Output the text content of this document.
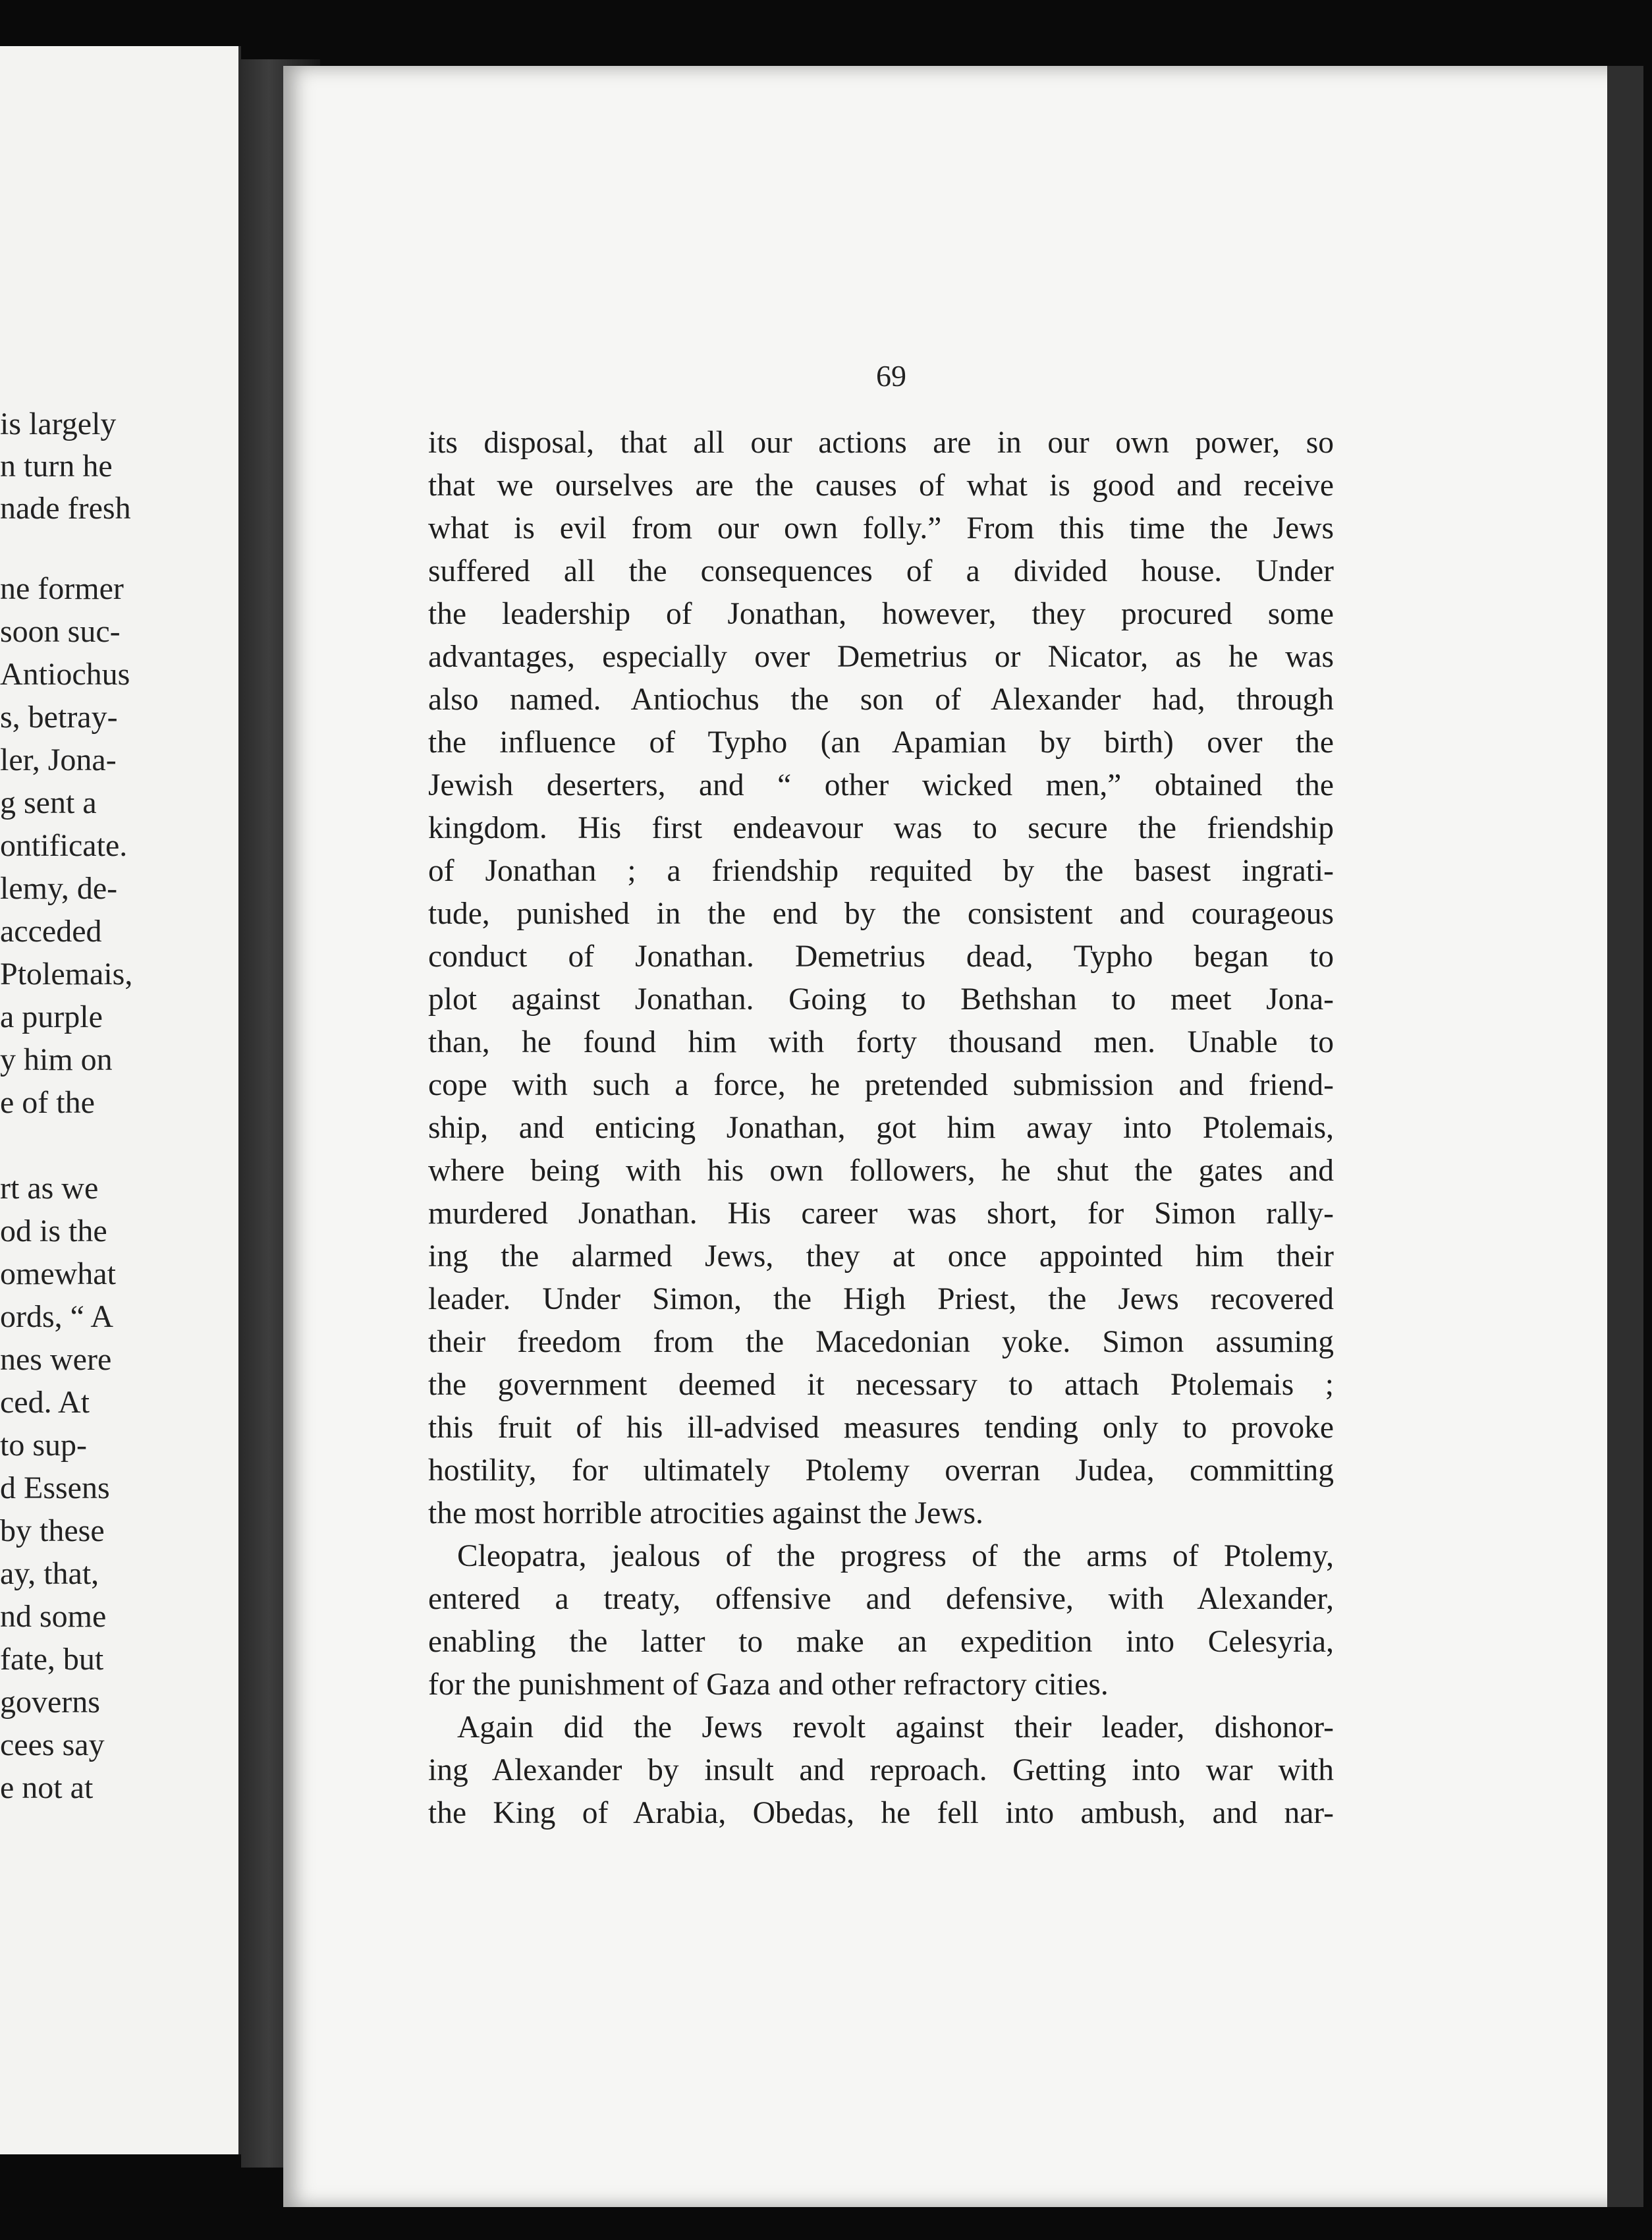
is largely
n turn he
nade fresh
ne former
soon suc-
Antiochus
s, betray-
ler, Jona-
g sent a
ontificate.
lemy, de-
acceded
Ptolemais,
a purple
y him on
e of the
rt as we
od is the
omewhat
ords, “ A
nes were
ced. At
to sup-
d Essens
by these
ay, that,
nd some
fate, but
governs
cees say
e not at
69
its disposal, that all our actions are in our own power, so
that we ourselves are the causes of what is good and receive
what is evil from our own folly.” From this time the Jews
suffered all the consequences of a divided house. Under
the leadership of Jonathan, however, they procured some
advantages, especially over Demetrius or Nicator, as he was
also named. Antiochus the son of Alexander had, through
the influence of Typho (an Apamian by birth) over the
Jewish deserters, and “ other wicked men,” obtained the
kingdom. His first endeavour was to secure the friendship
of Jonathan ; a friendship requited by the basest ingrati-
tude, punished in the end by the consistent and courageous
conduct of Jonathan. Demetrius dead, Typho began to
plot against Jonathan. Going to Bethshan to meet Jona-
than, he found him with forty thousand men. Unable to
cope with such a force, he pretended submission and friend-
ship, and enticing Jonathan, got him away into Ptolemais,
where being with his own followers, he shut the gates and
murdered Jonathan. His career was short, for Simon rally-
ing the alarmed Jews, they at once appointed him their
leader. Under Simon, the High Priest, the Jews recovered
their freedom from the Macedonian yoke. Simon assuming
the government deemed it necessary to attach Ptolemais ;
this fruit of his ill-advised measures tending only to provoke
hostility, for ultimately Ptolemy overran Judea, committing
the most horrible atrocities against the Jews.
Cleopatra, jealous of the progress of the arms of Ptolemy,
entered a treaty, offensive and defensive, with Alexander,
enabling the latter to make an expedition into Celesyria,
for the punishment of Gaza and other refractory cities.
Again did the Jews revolt against their leader, dishonor-
ing Alexander by insult and reproach. Getting into war with
the King of Arabia, Obedas, he fell into ambush, and nar-
